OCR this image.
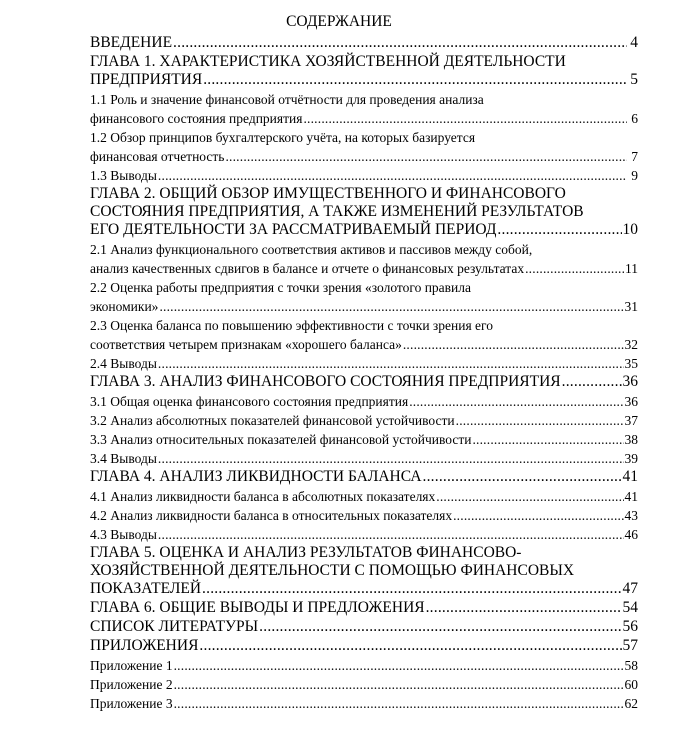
СОДЕРЖАНИЕ
ВВЕДЕНИЕ .....	4
ГЛАВА 1. ХАРАКТЕРИСТИКА ХОЗЯЙСТВЕННОЙ ДЕЯТЕЛЬНОСТИ
ПРЕДПРИЯТИЯ .....	5
1.1 Роль и значение финансовой отчётности для проведения анализа
финансового состояния предприятия .....	6
1.2 Обзор принципов бухгалтерского учёта, на которых базируется
финансовая отчетность .....	7
1.3 Выводы .....	9
ГЛАВА 2. ОБЩИЙ ОБЗОР ИМУЩЕСТВЕННОГО И ФИНАНСОВОГО
СОСТОЯНИЯ ПРЕДПРИЯТИЯ, А ТАКЖЕ ИЗМЕНЕНИЙ РЕЗУЛЬТАТОВ
ЕГО ДЕЯТЕЛЬНОСТИ ЗА РАССМАТРИВАЕМЫЙ ПЕРИОД .....	10
2.1 Анализ функционального соответствия активов и пассивов между собой,
анализ качественных сдвигов в балансе и отчете о финансовых результатах .....	11
2.2 Оценка работы предприятия с точки зрения «золотого правила
экономики» .....	31
2.3 Оценка баланса по повышению эффективности с точки зрения его
соответствия четырем признакам «хорошего баланса» .....	32
2.4 Выводы .....	35
ГЛАВА 3. АНАЛИЗ ФИНАНСОВОГО СОСТОЯНИЯ ПРЕДПРИЯТИЯ .....	36
3.1 Общая оценка финансового состояния предприятия .....	36
3.2 Анализ абсолютных показателей финансовой устойчивости .....	37
3.3 Анализ относительных показателей финансовой устойчивости .....	38
3.4 Выводы .....	39
ГЛАВА 4. АНАЛИЗ ЛИКВИДНОСТИ БАЛАНСА .....	41
4.1 Анализ ликвидности баланса в абсолютных показателях .....	41
4.2 Анализ ликвидности баланса в относительных показателях .....	43
4.3 Выводы .....	46
ГЛАВА 5. ОЦЕНКА И АНАЛИЗ РЕЗУЛЬТАТОВ ФИНАНСОВО-
ХОЗЯЙСТВЕННОЙ ДЕЯТЕЛЬНОСТИ С ПОМОЩЬЮ ФИНАНСОВЫХ
ПОКАЗАТЕЛЕЙ .....	47
ГЛАВА 6. ОБЩИЕ ВЫВОДЫ И ПРЕДЛОЖЕНИЯ .....	54
СПИСОК ЛИТЕРАТУРЫ .....	56
ПРИЛОЖЕНИЯ .....	57
Приложение 1 .....	58
Приложение 2 .....	60
Приложение 3 .....	62
